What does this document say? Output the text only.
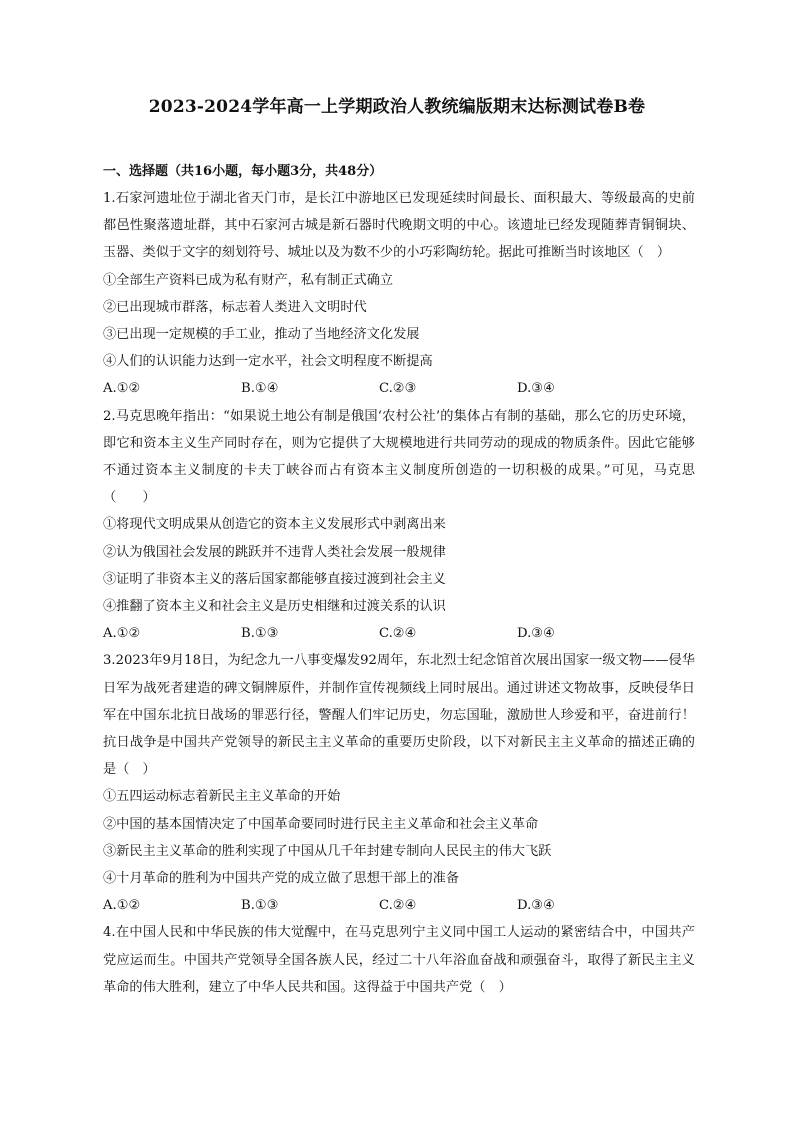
2023-2024学年高一上学期政治人教统编版期末达标测试卷B卷
一、选择题（共16小题，每小题3分，共48分）
1.石家河遗址位于湖北省天门市，是长江中游地区已发现延续时间最长、面积最大、等级最高的史前都邑性聚落遗址群，其中石家河古城是新石器时代晚期文明的中心。该遗址已经发现随葬青铜铜块、玉器、类似于文字的刻划符号、城址以及为数不少的小巧彩陶纺轮。据此可推断当时该地区（　）
①全部生产资料已成为私有财产，私有制正式确立
②已出现城市群落，标志着人类进入文明时代
③已出现一定规模的手工业，推动了当地经济文化发展
④人们的认识能力达到一定水平，社会文明程度不断提高
A.①②	B.①④	C.②③	D.③④
2.马克思晚年指出：“如果说土地公有制是俄国‘农村公社’的集体占有制的基础，那么它的历史环境，即它和资本主义生产同时存在，则为它提供了大规模地进行共同劳动的现成的物质条件。因此它能够不通过资本主义制度的卡夫丁峡谷而占有资本主义制度所创造的一切积极的成果。”可见，马克思（　　）
①将现代文明成果从创造它的资本主义发展形式中剥离出来
②认为俄国社会发展的跳跃并不违背人类社会发展一般规律
③证明了非资本主义的落后国家都能够直接过渡到社会主义
④推翻了资本主义和社会主义是历史相继和过渡关系的认识
A.①②	B.①③	C.②④	D.③④
3.2023年9月18日，为纪念九一八事变爆发92周年，东北烈士纪念馆首次展出国家一级文物——侵华日军为战死者建造的碑文铜牌原件，并制作宣传视频线上同时展出。通过讲述文物故事，反映侵华日军在中国东北抗日战场的罪恶行径，警醒人们牢记历史，勿忘国耻，激励世人珍爱和平，奋进前行！抗日战争是中国共产党领导的新民主主义革命的重要历史阶段，以下对新民主主义革命的描述正确的是（　）
①五四运动标志着新民主主义革命的开始
②中国的基本国情决定了中国革命要同时进行民主主义革命和社会主义革命
③新民主主义革命的胜利实现了中国从几千年封建专制向人民民主的伟大飞跃
④十月革命的胜利为中国共产党的成立做了思想干部上的准备
A.①②	B.①③	C.②④	D.③④
4.在中国人民和中华民族的伟大觉醒中，在马克思列宁主义同中国工人运动的紧密结合中，中国共产党应运而生。中国共产党领导全国各族人民，经过二十八年浴血奋战和顽强奋斗，取得了新民主主义革命的伟大胜利，建立了中华人民共和国。这得益于中国共产党（　）
